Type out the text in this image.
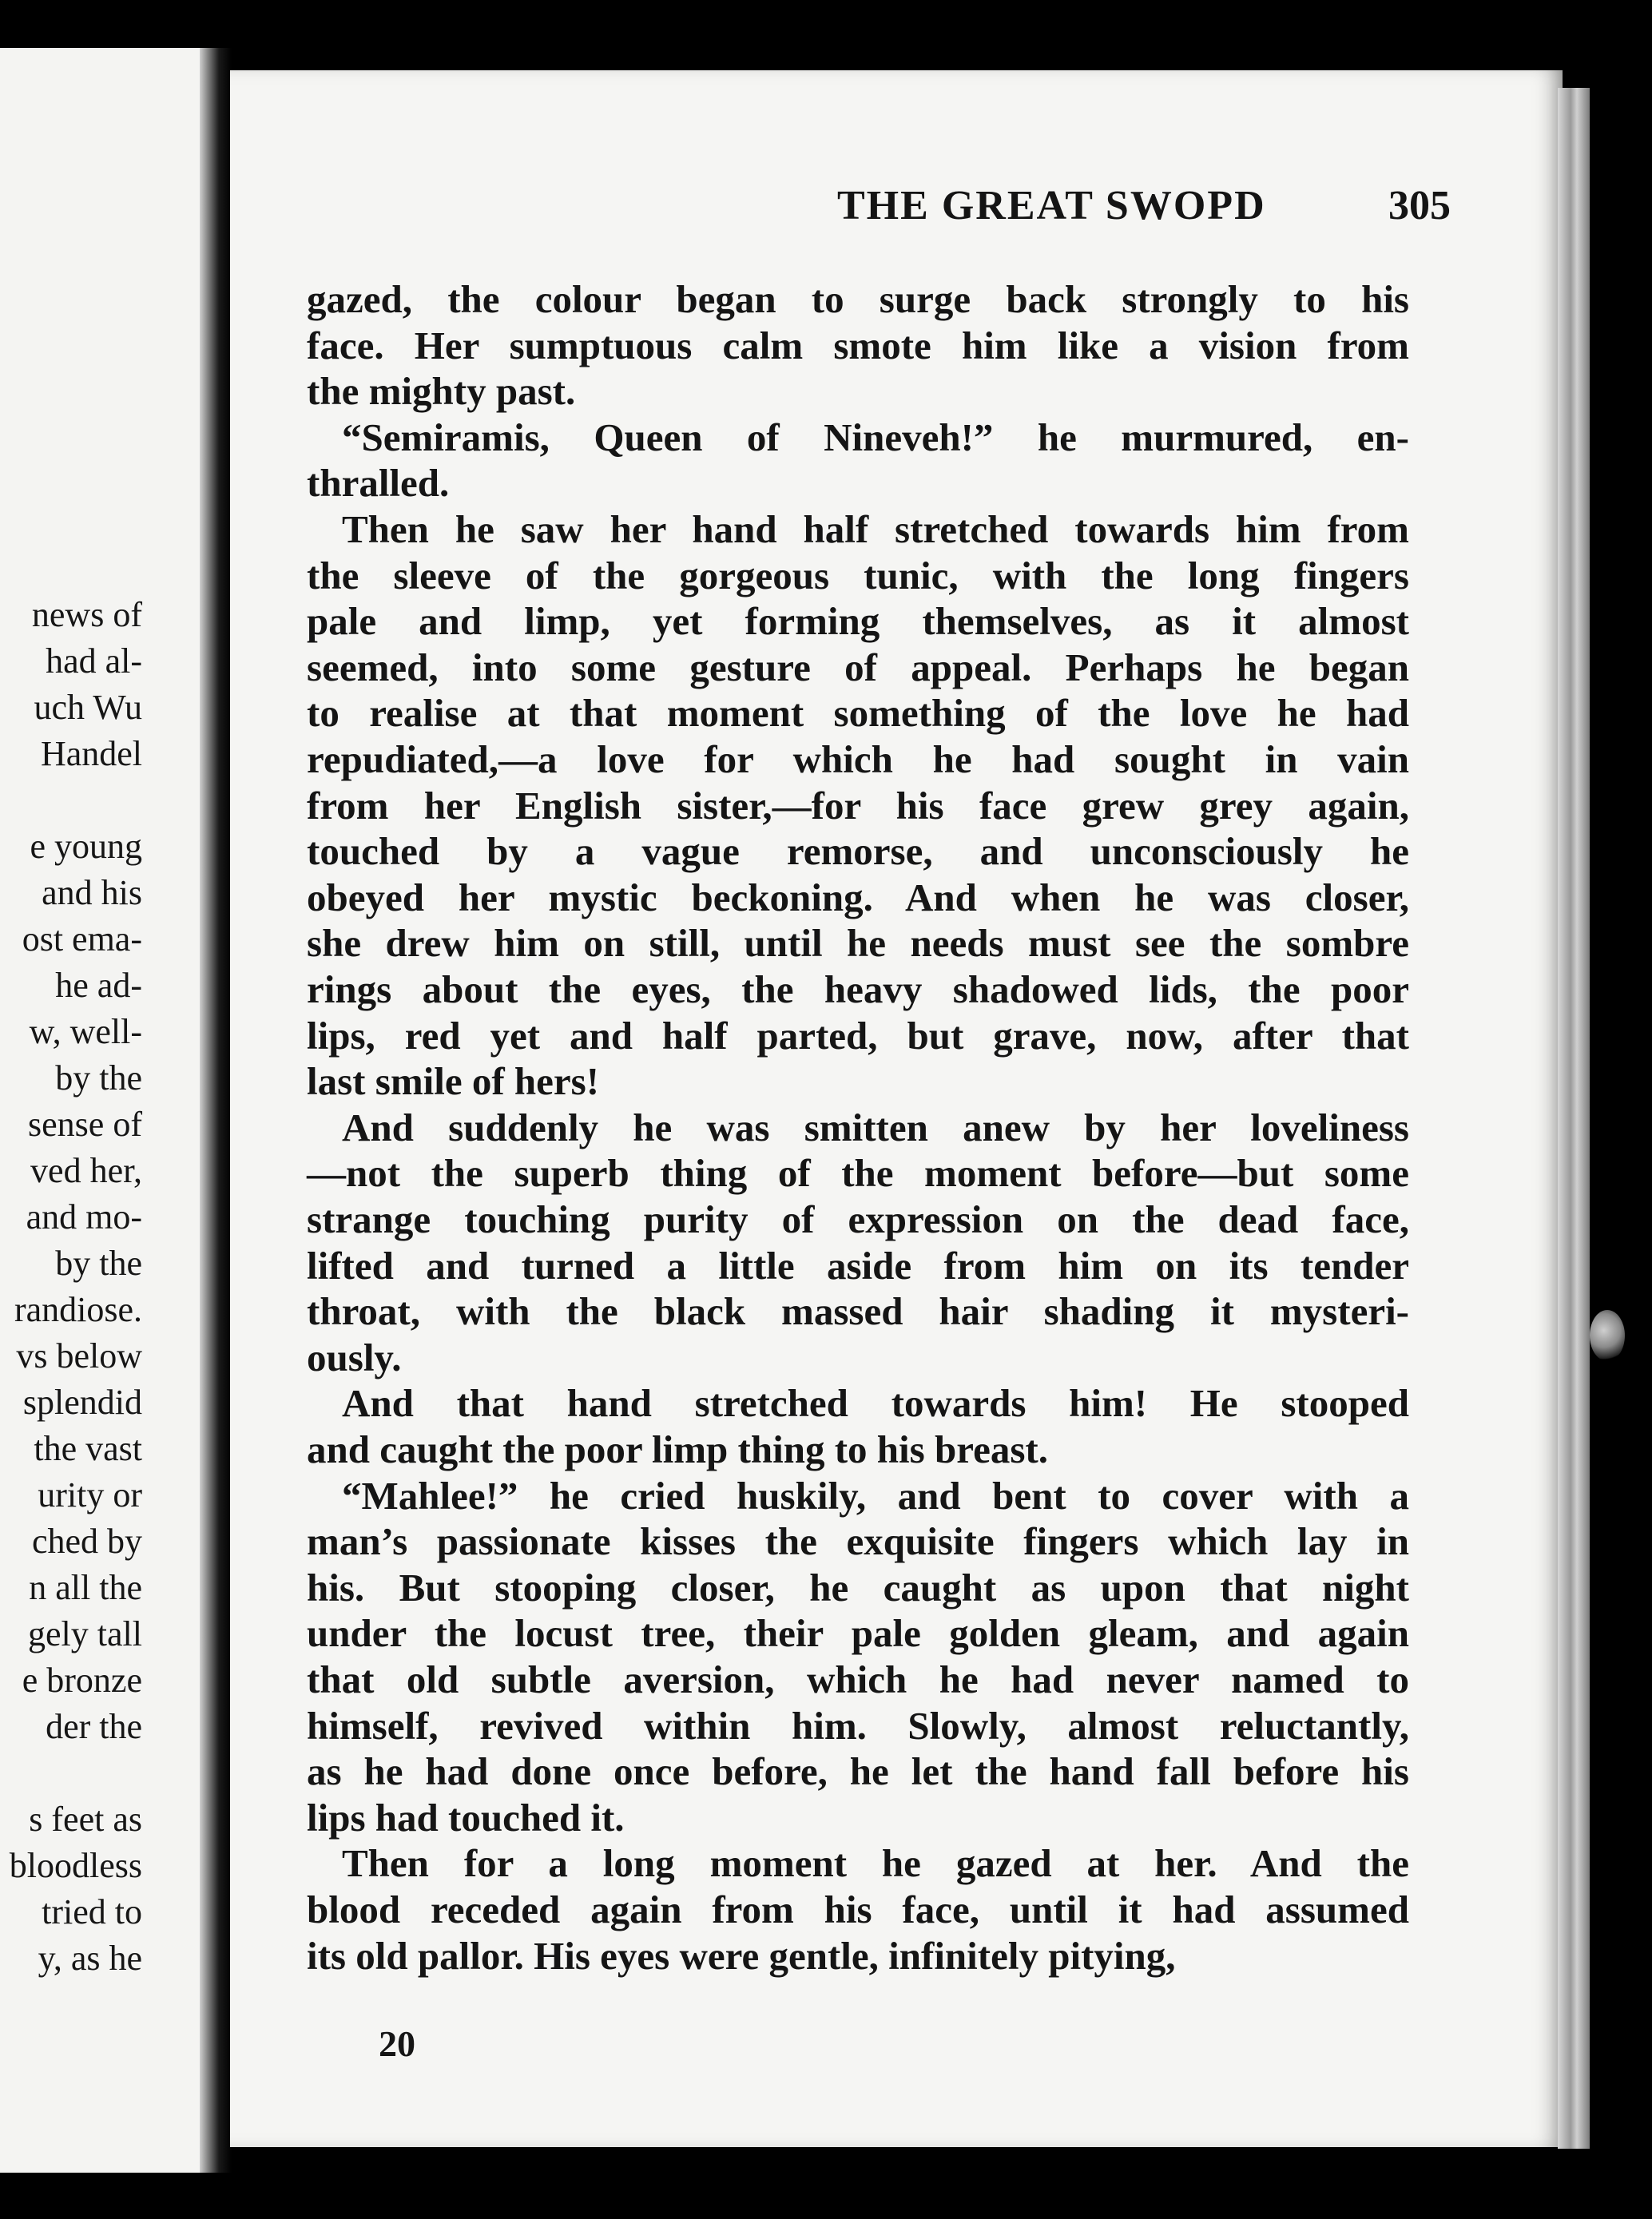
news of
had al-
uch Wu
Handel
e young
and his
ost ema-
he ad-
w, well-
by the
sense of
ved her,
and mo-
by the
randiose.
vs below
splendid
the vast
urity or
ched by
n all the
gely tall
e bronze
der the
s feet as
bloodless
tried to
y, as he
THE GREAT SWOPD	305
gazed, the colour began to surge back strongly to his
face. Her sumptuous calm smote him like a vision from
the mighty past.
“Semiramis, Queen of Nineveh!” he murmured, en-
thralled.
Then he saw her hand half stretched towards him from
the sleeve of the gorgeous tunic, with the long fingers
pale and limp, yet forming themselves, as it almost
seemed, into some gesture of appeal. Perhaps he began
to realise at that moment something of the love he had
repudiated,—a love for which he had sought in vain
from her English sister,—for his face grew grey again,
touched by a vague remorse, and unconsciously he
obeyed her mystic beckoning. And when he was closer,
she drew him on still, until he needs must see the sombre
rings about the eyes, the heavy shadowed lids, the poor
lips, red yet and half parted, but grave, now, after that
last smile of hers!
And suddenly he was smitten anew by her loveliness
—not the superb thing of the moment before—but some
strange touching purity of expression on the dead face,
lifted and turned a little aside from him on its tender
throat, with the black massed hair shading it mysteri-
ously.
And that hand stretched towards him! He stooped
and caught the poor limp thing to his breast.
“Mahlee!” he cried huskily, and bent to cover with a
man’s passionate kisses the exquisite fingers which lay in
his. But stooping closer, he caught as upon that night
under the locust tree, their pale golden gleam, and again
that old subtle aversion, which he had never named to
himself, revived within him. Slowly, almost reluctantly,
as he had done once before, he let the hand fall before his
lips had touched it.
Then for a long moment he gazed at her. And the
blood receded again from his face, until it had assumed
its old pallor. His eyes were gentle, infinitely pitying,
20
